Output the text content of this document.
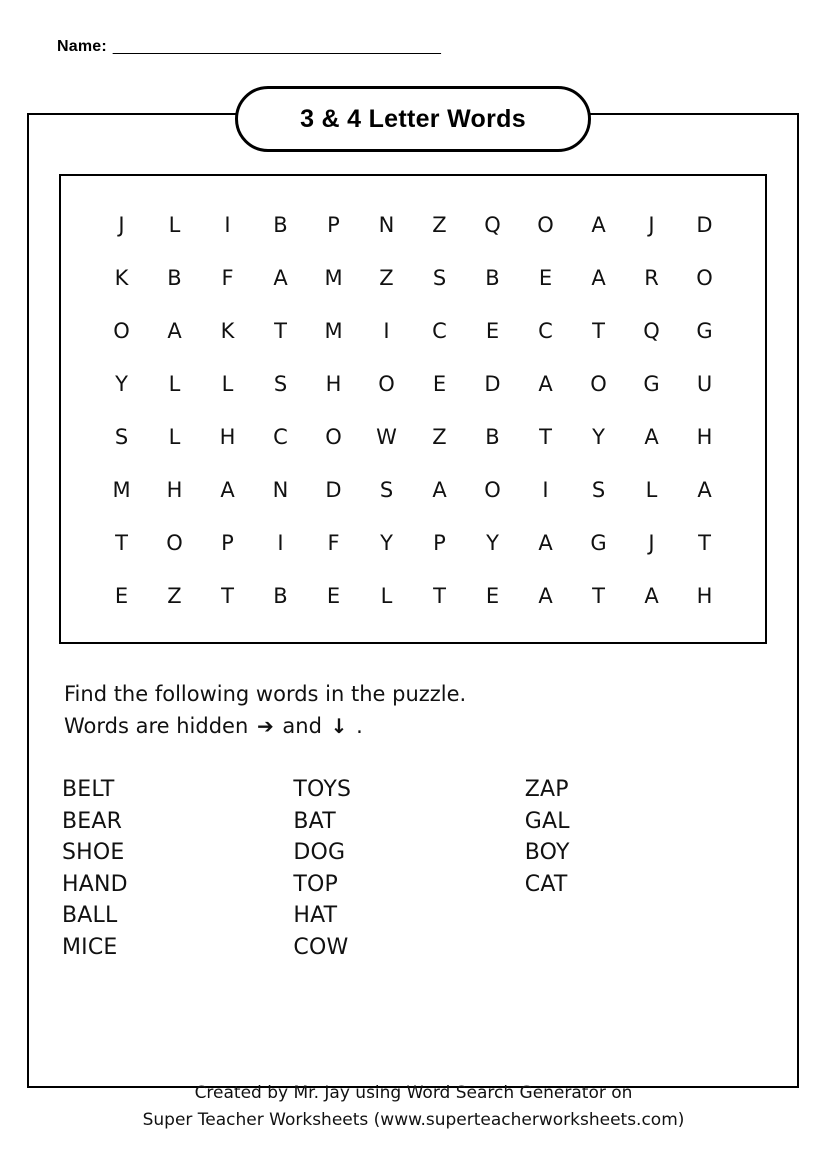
Name: _______________________________________
3 & 4 Letter Words
J	L	I	B	P	N	Z	Q	O	A	J	D
K	B	F	A	M	Z	S	B	E	A	R	O
O	A	K	T	M	I	C	E	C	T	Q	G
Y	L	L	S	H	O	E	D	A	O	G	U
S	L	H	C	O	W	Z	B	T	Y	A	H
M	H	A	N	D	S	A	O	I	S	L	A
T	O	P	I	F	Y	P	Y	A	G	J	T
E	Z	T	B	E	L	T	E	A	T	A	H
Find the following words in the puzzle.
Words are hidden ➔ and ↓ .
BELT
BEAR
SHOE
HAND
BALL
MICE
TOYS
BAT
DOG
TOP
HAT
COW
ZAP
GAL
BOY
CAT
Created by Mr. Jay using Word Search Generator on
Super Teacher Worksheets (www.superteacherworksheets.com)
